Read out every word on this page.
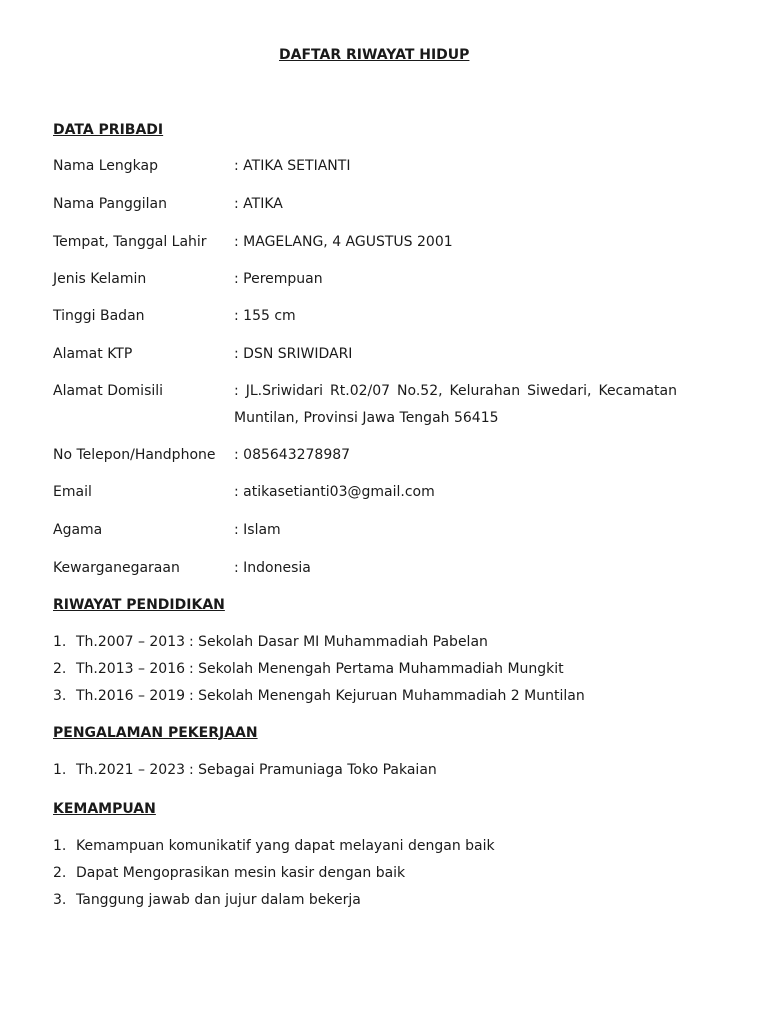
DAFTAR RIWAYAT HIDUP
DATA PRIBADI
Nama Lengkap	: ATIKA SETIANTI
Nama Panggilan	: ATIKA
Tempat, Tanggal Lahir : MAGELANG, 4 AGUSTUS 2001
Jenis Kelamin	: Perempuan
Tinggi Badan	: 155 cm
Alamat KTP	: DSN SRIWIDARI
Alamat Domisili	: JL.Sriwidari Rt.02/07 No.52, Kelurahan Siwedari, Kecamatan Muntilan, Provinsi Jawa Tengah 56415
No Telepon/Handphone : 085643278987
Email	: atikasetianti03@gmail.com
Agama	: Islam
Kewarganegaraan	: Indonesia
RIWAYAT PENDIDIKAN
1. Th.2007 – 2013 : Sekolah Dasar MI Muhammadiah Pabelan
2. Th.2013 – 2016 : Sekolah Menengah Pertama Muhammadiah Mungkit
3. Th.2016 – 2019 : Sekolah Menengah Kejuruan Muhammadiah 2 Muntilan
PENGALAMAN PEKERJAAN
1. Th.2021 – 2023 : Sebagai Pramuniaga Toko Pakaian
KEMAMPUAN
1. Kemampuan komunikatif yang dapat melayani dengan baik
2. Dapat Mengoprasikan mesin kasir dengan baik
3. Tanggung jawab dan jujur dalam bekerja
